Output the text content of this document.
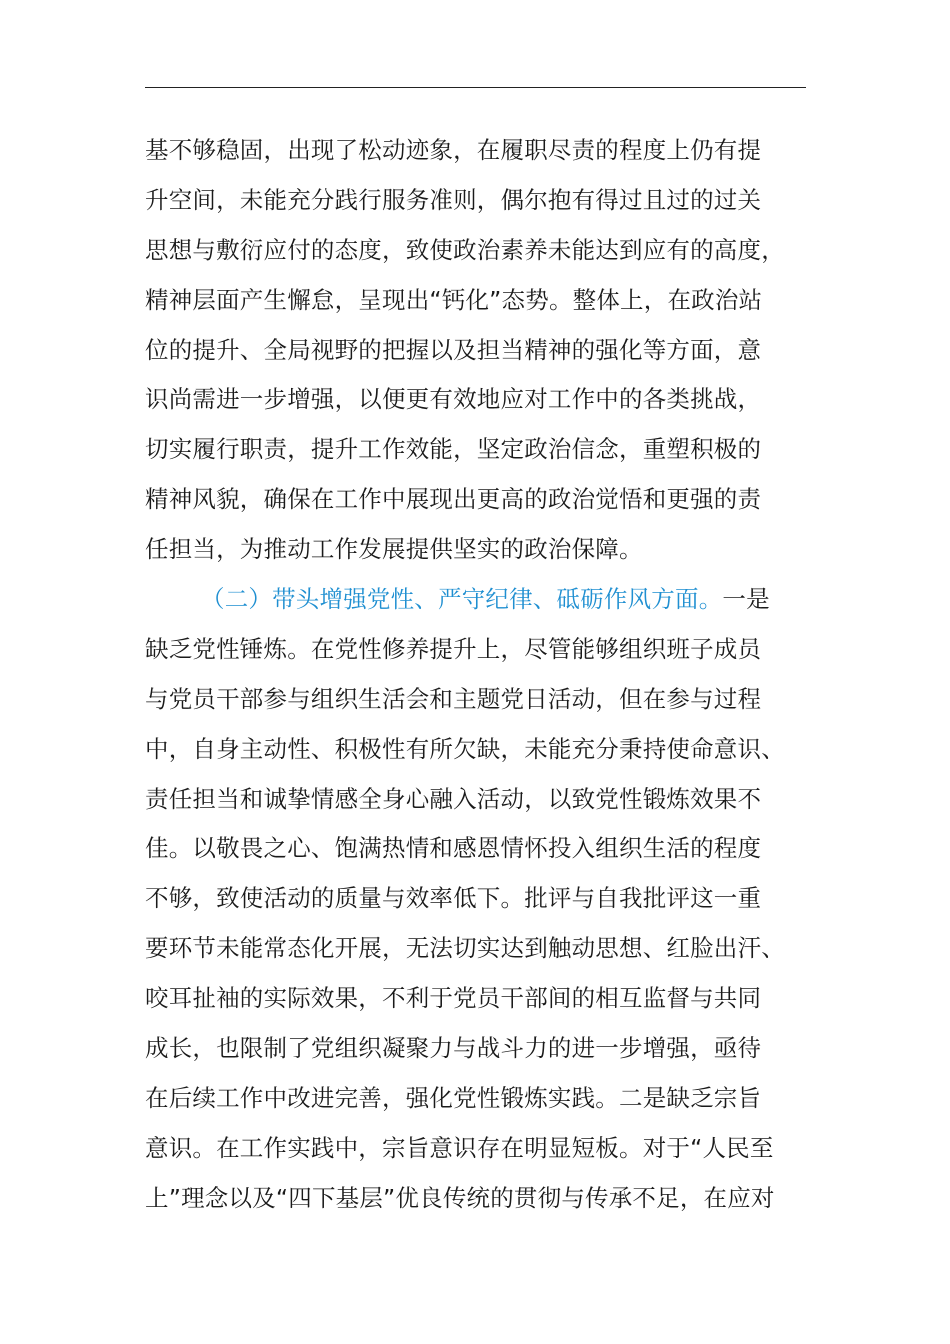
基不够稳固，出现了松动迹象，在履职尽责的程度上仍有提
升空间，未能充分践行服务准则，偶尔抱有得过且过的过关
思想与敷衍应付的态度，致使政治素养未能达到应有的高度，
精神层面产生懈怠，呈现出“钙化”态势。整体上，在政治站
位的提升、全局视野的把握以及担当精神的强化等方面，意
识尚需进一步增强，以便更有效地应对工作中的各类挑战，
切实履行职责，提升工作效能，坚定政治信念，重塑积极的
精神风貌，确保在工作中展现出更高的政治觉悟和更强的责
任担当，为推动工作发展提供坚实的政治保障。
（二）带头增强党性、严守纪律、砥砺作风方面。一是
缺乏党性锤炼。在党性修养提升上，尽管能够组织班子成员
与党员干部参与组织生活会和主题党日活动，但在参与过程
中，自身主动性、积极性有所欠缺，未能充分秉持使命意识、
责任担当和诚挚情感全身心融入活动，以致党性锻炼效果不
佳。以敬畏之心、饱满热情和感恩情怀投入组织生活的程度
不够，致使活动的质量与效率低下。批评与自我批评这一重
要环节未能常态化开展，无法切实达到触动思想、红脸出汗、
咬耳扯袖的实际效果，不利于党员干部间的相互监督与共同
成长，也限制了党组织凝聚力与战斗力的进一步增强，亟待
在后续工作中改进完善，强化党性锻炼实践。二是缺乏宗旨
意识。在工作实践中，宗旨意识存在明显短板。对于“人民至
上”理念以及“四下基层”优良传统的贯彻与传承不足，在应对
